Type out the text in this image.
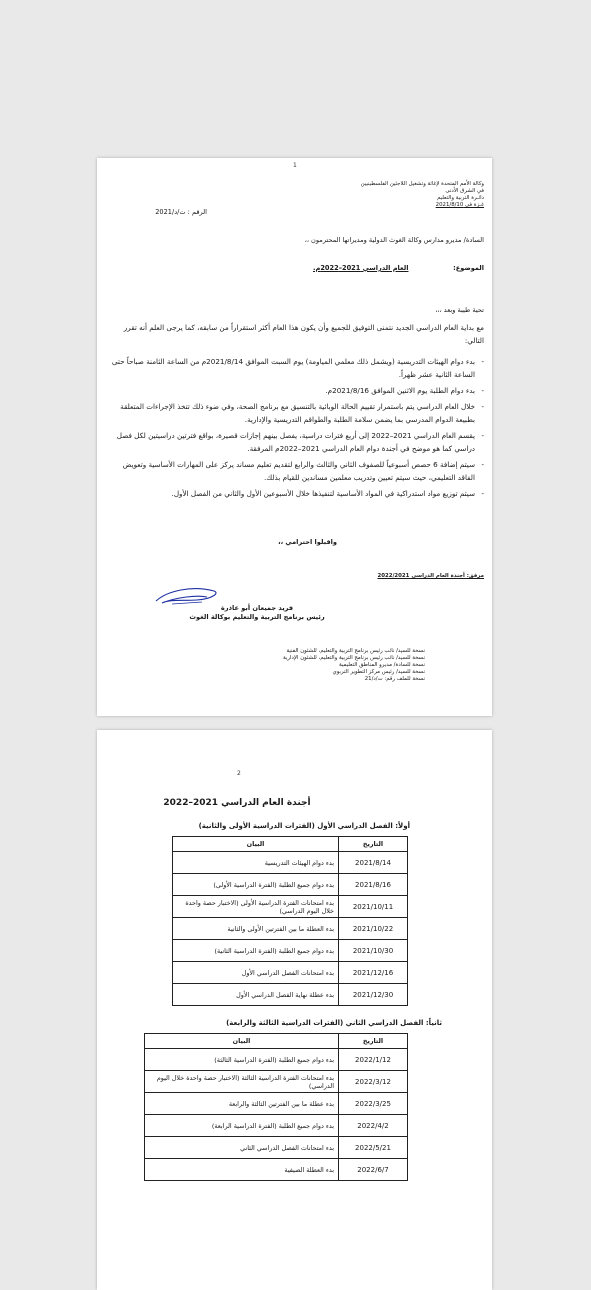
1
وكالة الأمم المتحدة لإغاثة وتشغيل اللاجئين الفلسطينيين
في الشرق الأدنى
دائـرة التربية والتعليم
غـزة في 2021/8/10
الرقم : ت/د/2021
السادة/ مديرو مدارس وكالة الغوث الدولية ومديراتها المحترمون ،،
الموضوع:  العام الدراسي 2021–2022م.
تحية طيبة وبعد ،،،
مع بداية العام الدراسي الجديد نتمنى التوفيق للجميع وأن يكون هذا العام أكثر استقراراً من سابقه، كما يرجى العلم أنه تقرر التالي:
- بدء دوام الهيئات التدريسية (ويشمل ذلك معلمي المياومة) يوم السبت الموافق 2021/8/14م من الساعة الثامنة صباحاً حتى الساعة الثانية عشر ظهراً.
- بدء دوام الطلبة يوم الاثنين الموافق 2021/8/16م.
- خلال العام الدراسي يتم باستمرار تقييم الحالة الوبائية بالتنسيق مع برنامج الصحة، وفي ضوء ذلك تتخذ الإجراءات المتعلقة بطبيعة الدوام المدرسي بما يضمن سلامة الطلبة والطواقم التدريسية والإدارية.
- يقسم العام الدراسي 2021–2022 إلى أربع فترات دراسية، يفصل بينهم إجازات قصيرة، بواقع فترتين دراسيتين لكل فصل دراسي كما هو موضح في أجندة دوام العام الدراسي 2021–2022م المرفقة.
- سيتم إضافة 6 حصص أسبوعياً للصفوف الثاني والثالث والرابع لتقديم تعليم مساند يركز على المهارات الأساسية وتعويض الفاقد التعليمي، حيث سيتم تعيين وتدريب معلمين مساندين للقيام بذلك.
- سيتم توزيع مواد استدراكية في المواد الأساسية لتنفيذها خلال الأسبوعين الأول والثاني من الفصل الأول.
واقبلوا احترامي ،،
مرفق: أجندة العام الدراسي 2022/2021
فريد جميعان أبو عاذرة
رئيس برنامج التربية والتعليم بوكالة الغوث
نسخة للسيد/ نائب رئيس برنامج التربية والتعليم، للشئون الفنية
نسخة للسيد/ نائب رئيس برنامج التربية والتعليم، للشئون الإدارية
نسخة للسادة/ مديرو المناطق التعليمية
نسخة للسيد/ رئيس مركز التطوير التربوي
نسخة للملف رقم: ت/د/21
2
أجندة العام الدراسي 2021–2022
أولاً: الفصل الدراسي الأول (الفترات الدراسية الأولى والثانية)
التاريخ	البيان
2021/8/14	بدء دوام الهيئات التدريسية
2021/8/16	بدء دوام جميع الطلبة (الفترة الدراسية الأولى)
2021/10/11	بدء امتحانات الفترة الدراسية الأولى (الاختبار حصة واحدة خلال اليوم الدراسي)
2021/10/22	بدء العطلة ما بين الفترتين الأولى والثانية
2021/10/30	بدء دوام جميع الطلبة (الفترة الدراسية الثانية)
2021/12/16	بدء امتحانات الفصل الدراسي الأول
2021/12/30	بدء عطلة نهاية الفصل الدراسي الأول
ثانياً: الفصل الدراسي الثاني (الفترات الدراسية الثالثة والرابعة)
التاريخ	البيان
2022/1/12	بدء دوام جميع الطلبة (الفترة الدراسية الثالثة)
2022/3/12	بدء امتحانات الفترة الدراسية الثالثة (الاختبار حصة واحدة خلال اليوم الدراسي)
2022/3/25	بدء عطلة ما بين الفترتين الثالثة والرابعة
2022/4/2	بدء دوام جميع الطلبة (الفترة الدراسية الرابعة)
2022/5/21	بدء امتحانات الفصل الدراسي الثاني
2022/6/7	بدء العطلة الصيفية
